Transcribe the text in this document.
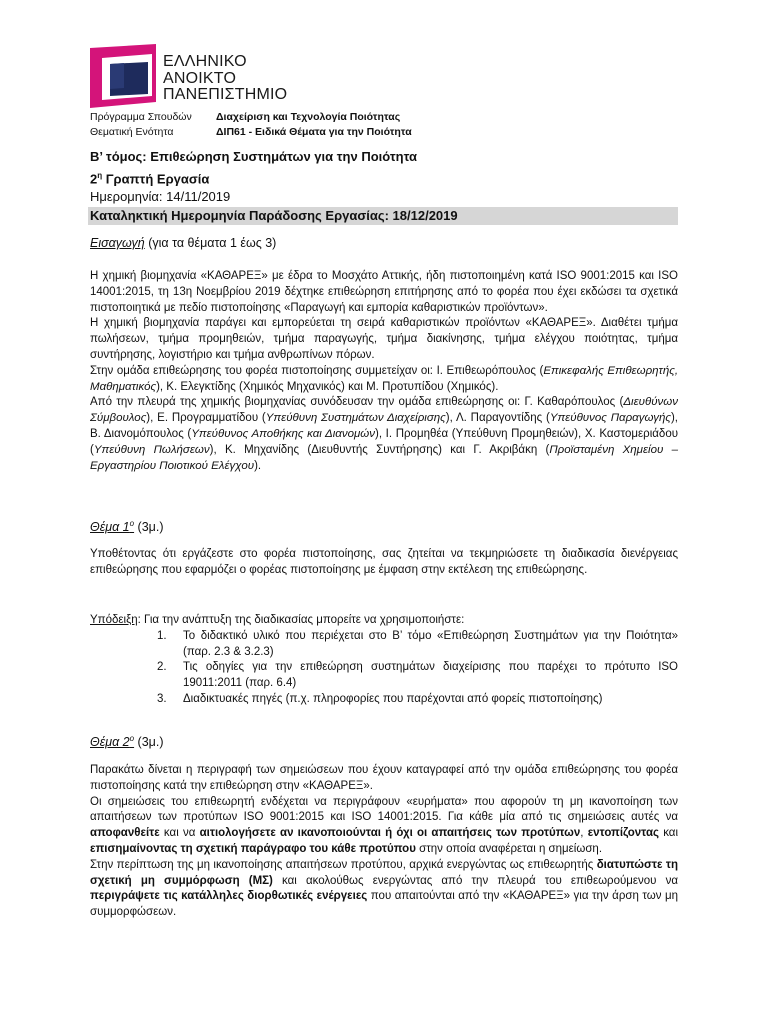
ΕΛΛΗΝΙΚΟ
ΑΝΟΙΚΤΟ
ΠΑΝΕΠΙΣΤΗΜΙΟ
Πρόγραμμα Σπουδών Διαχείριση και Τεχνολογία Ποιότητας
Θεματική Ενότητα	ΔΙΠ61 - Ειδικά Θέματα για την Ποιότητα
Β’ τόμος: Επιθεώρηση Συστημάτων για την Ποιότητα
$2^\eta$ Γραπτή Εργασία
Ημερομηνία: 14/11/2019
Καταληκτική Ημερομηνία Παράδοσης Εργασίας: 18/12/2019
Εισαγωγή (για τα θέματα 1 έως 3)

Η χημική βιομηχανία «ΚΑΘΑΡΕΞ» με έδρα το Μοσχάτο Αττικής, ήδη πιστοποιημένη κατά ISO 9001:2015 και ISO 14001:2015, τη 13η Νοεμβρίου 2019 δέχτηκε επιθεώρηση επιτήρησης από το φορέα που έχει εκδώσει τα σχετικά πιστοποιητικά με πεδίο πιστοποίησης «Παραγωγή και εμπορία καθαριστικών προϊόντων».

Η χημική βιομηχανία παράγει και εμπορεύεται τη σειρά καθαριστικών προϊόντων «ΚΑΘΑΡΕΞ». Διαθέτει τμήμα πωλήσεων, τμήμα προμηθειών, τμήμα παραγωγής, τμήμα διακίνησης, τμήμα ελέγχου ποιότητας, τμήμα συντήρησης, λογιστήριο και τμήμα ανθρωπίνων πόρων.

Στην ομάδα επιθεώρησης του φορέα πιστοποίησης συμμετείχαν οι: Ι. Επιθεωρόπουλος (Επικεφαλής Επιθεωρητής, Μαθηματικός), Κ. Ελεγκτίδης (Χημικός Μηχανικός) και Μ. Προτυπίδου (Χημικός).

Από την πλευρά της χημικής βιομηχανίας συνόδευσαν την ομάδα επιθεώρησης οι: Γ. Καθαρόπουλος (Διευθύνων Σύμβουλος), Ε. Προγραμματίδου (Υπεύθυνη Συστημάτων Διαχείρισης), Λ. Παραγοντίδης (Υπεύθυνος Παραγωγής), Β. Διανομόπουλος (Υπεύθυνος Αποθήκης και Διανομών), Ι. Προμηθέα (Υπεύθυνη Προμηθειών), Χ. Καστομεριάδου (Υπεύθυνη Πωλήσεων), Κ. Μηχανίδης (Διευθυντής Συντήρησης) και Γ. Ακριβάκη (Προϊσταμένη Χημείου – Εργαστηρίου Ποιοτικού Ελέγχου).

Θέμα $1^o$ (3μ.)

Υποθέτοντας ότι εργάζεστε στο φορέα πιστοποίησης, σας ζητείται να τεκμηριώσετε τη διαδικασία διενέργειας επιθεώρησης που εφαρμόζει ο φορέας πιστοποίησης με έμφαση στην εκτέλεση της επιθεώρησης.

Υπόδειξη: Για την ανάπτυξη της διαδικασίας μπορείτε να χρησιμοποιήστε:
1. Το διδακτικό υλικό που περιέχεται στο Β’ τόμο «Επιθεώρηση Συστημάτων για την Ποιότητα» (παρ. 2.3 & 3.2.3)
2. Τις οδηγίες για την επιθεώρηση συστημάτων διαχείρισης που παρέχει το πρότυπο ISO 19011:2011 (παρ. 6.4)
3. Διαδικτυακές πηγές (π.χ. πληροφορίες που παρέχονται από φορείς πιστοποίησης)
Θέμα $2^o$ (3μ.)

Παρακάτω δίνεται η περιγραφή των σημειώσεων που έχουν καταγραφεί από την ομάδα επιθεώρησης του φορέα πιστοποίησης κατά την επιθεώρηση στην «ΚΑΘΑΡΕΞ».

Οι σημειώσεις του επιθεωρητή ενδέχεται να περιγράφουν «ευρήματα» που αφορούν τη μη ικανοποίηση των απαιτήσεων των προτύπων ISO 9001:2015 και ISO 14001:2015. Για κάθε μία από τις σημειώσεις αυτές να αποφανθείτε και να αιτιολογήσετε αν ικανοποιούνται ή όχι οι απαιτήσεις των προτύπων, εντοπίζοντας και επισημαίνοντας τη σχετική παράγραφο του κάθε προτύπου στην οποία αναφέρεται η σημείωση.

Στην περίπτωση της μη ικανοποίησης απαιτήσεων προτύπου, αρχικά ενεργώντας ως επιθεωρητής διατυπώστε τη σχετική μη συμμόρφωση (ΜΣ) και ακολούθως ενεργώντας από την πλευρά του επιθεωρούμενου να περιγράψετε τις κατάλληλες διορθωτικές ενέργειες που απαιτούνται από την «ΚΑΘΑΡΕΞ» για την άρση των μη συμμορφώσεων.
